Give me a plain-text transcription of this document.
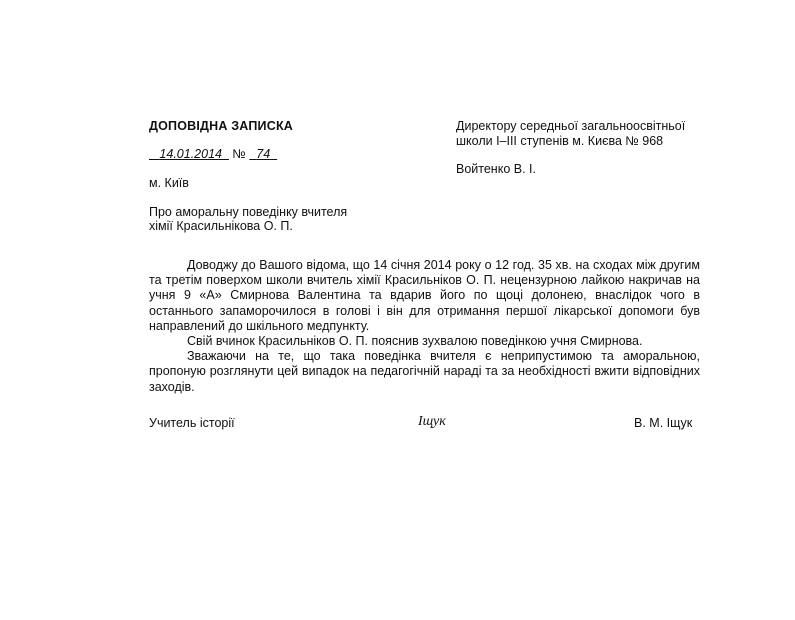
ДОПОВІДНА ЗАПИСКА
14.01.2014 № 74
м. Київ
Директору середньої загальноосвітньої
школи I–III ступенів м. Києва № 968
Войтенко В. І.
Про аморальну поведінку вчителя
хімії Красильнікова О. П.

Доводжу до Вашого відома, що 14 січня 2014 року о 12 год. 35 хв. на сходах між другим та третім поверхом школи вчитель хімії Красильніков О. П. нецензурною лайкою накричав на учня 9 «А» Смирнова Валентина та вдарив його по щоці долонею, внаслідок чого в останнього запаморочилося в голові і він для отримання першої лікарської допомоги був направлений до шкільного медпункту.

Свій вчинок Красильніков О. П. пояснив зухвалою поведінкою учня Смирнова.

Зважаючи на те, що така поведінка вчителя є неприпустимою та аморальною, пропоную розглянути цей випадок на педагогічній нараді та за необхідності вжити відповідних заходів.

Учитель історії	Іщук	В. М. Іщук
